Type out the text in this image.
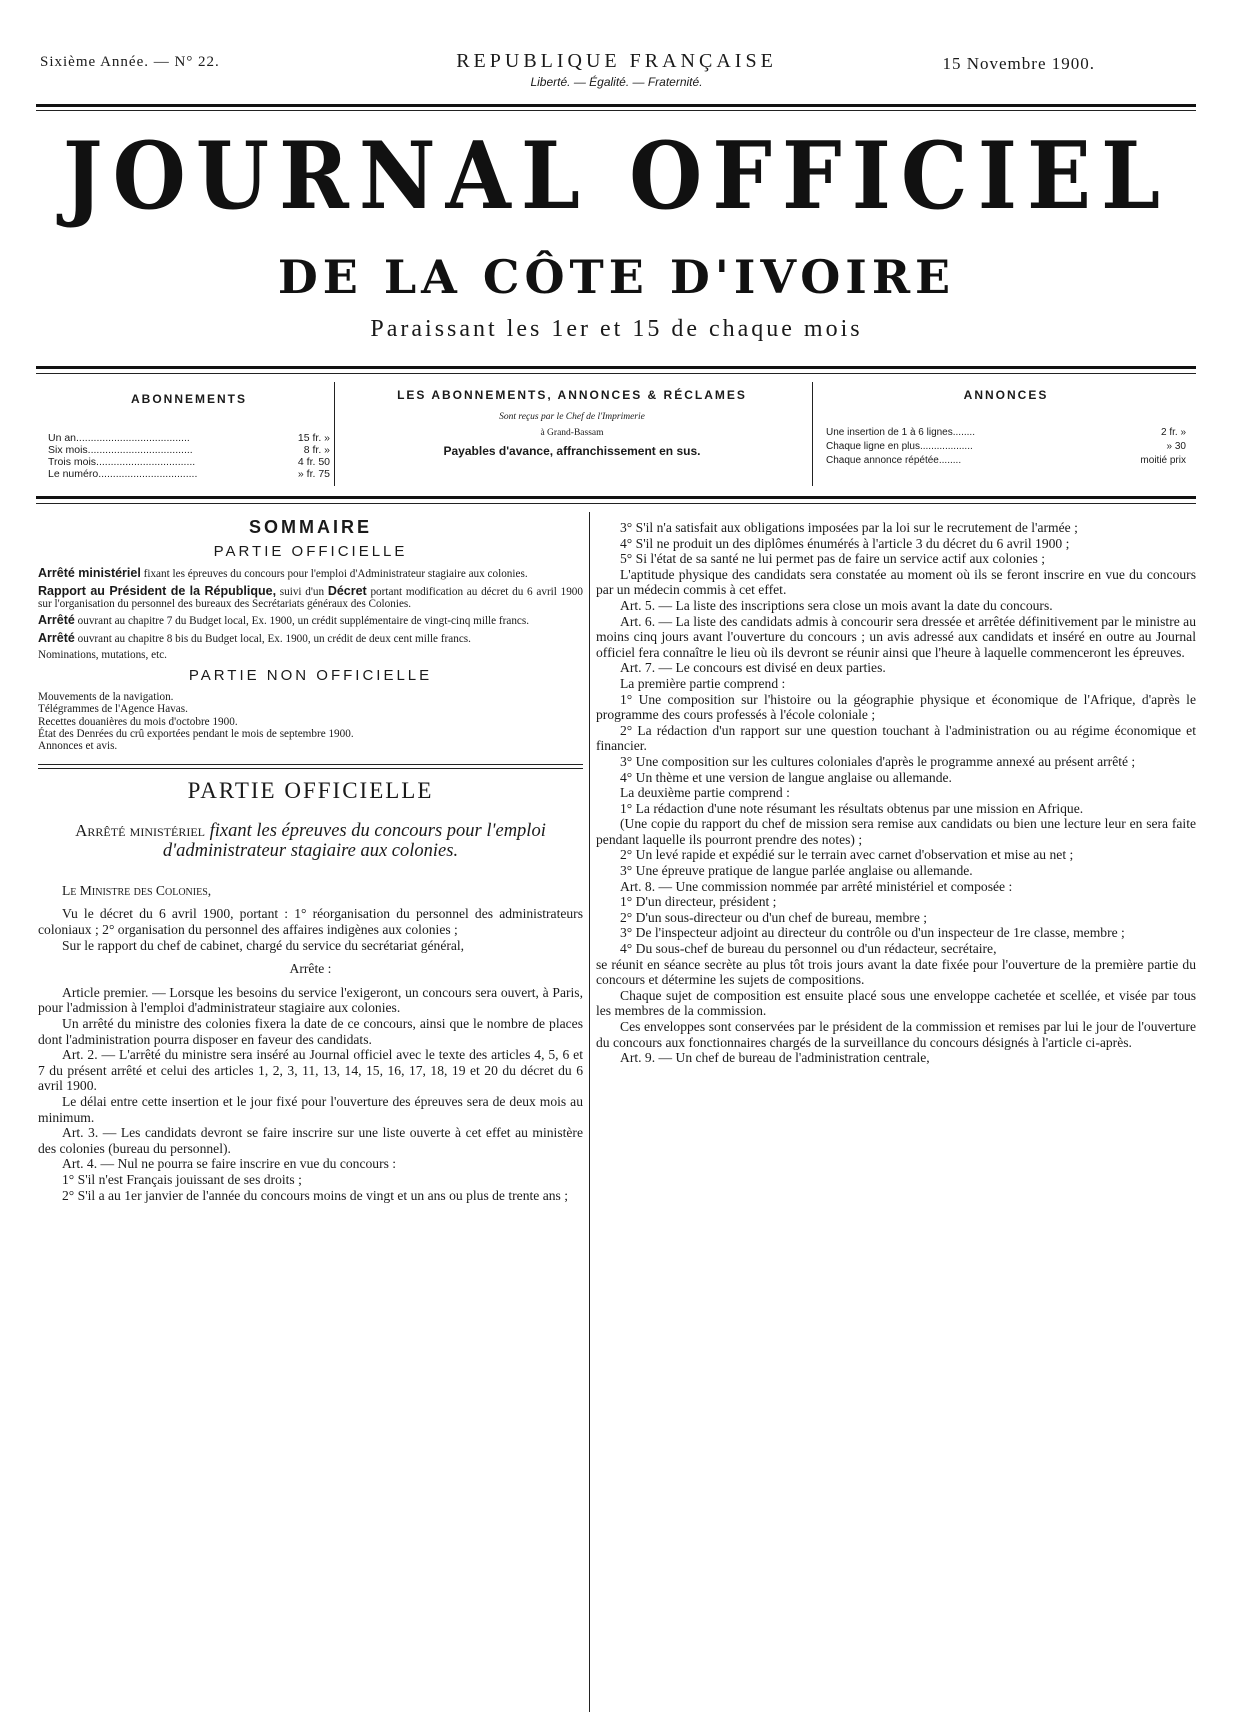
Sixième Année. — N° 22.	REPUBLIQUE FRANÇAISE
Liberté. — Égalité. — Fraternité.
15 Novembre 1900.
JOURNAL OFFICIEL
DE LA CÔTE D'IVOIRE
Paraissant les 1er et 15 de chaque mois
ABONNEMENTS
Un an.......................................	15 fr. »
Six mois....................................	8 fr. »
Trois mois..................................	4 fr. 50
Le numéro..................................	» fr. 75
LES ABONNEMENTS, ANNONCES & RÉCLAMES
Sont reçus par le Chef de l'Imprimerie
à Grand-Bassam
Payables d'avance, affranchissement en sus.
ANNONCES
Une insertion de 1 à 6 lignes........	2 fr. »
Chaque ligne en plus...................	» 30
Chaque annonce répétée........	moitié prix
SOMMAIRE
PARTIE OFFICIELLE
Arrêté ministériel fixant les épreuves du concours pour l'emploi d'Administrateur stagiaire aux colonies.
Rapport au Président de la République, suivi d'un Décret portant modification au décret du 6 avril 1900 sur l'organisation du personnel des bureaux des Secrétariats généraux des Colonies.
Arrêté ouvrant au chapitre 7 du Budget local, Ex. 1900, un crédit supplémentaire de vingt-cinq mille francs.
Arrêté ouvrant au chapitre 8 bis du Budget local, Ex. 1900, un crédit de deux cent mille francs.
Nominations, mutations, etc.
PARTIE NON OFFICIELLE
Mouvements de la navigation.
Télégrammes de l'Agence Havas.
Recettes douanières du mois d'octobre 1900.
État des Denrées du crû exportées pendant le mois de septembre 1900.
Annonces et avis.
PARTIE OFFICIELLE
Arrêté ministériel fixant les épreuves du concours pour l'emploi d'administrateur stagiaire aux colonies.

Le Ministre des Colonies,

Vu le décret du 6 avril 1900, portant : 1° réorganisation du personnel des administrateurs coloniaux ; 2° organisation du personnel des affaires indigènes aux colonies ;

Sur le rapport du chef de cabinet, chargé du service du secrétariat général,

Arrête :

Article premier. — Lorsque les besoins du service l'exigeront, un concours sera ouvert, à Paris, pour l'admission à l'emploi d'administrateur stagiaire aux colonies.

Un arrêté du ministre des colonies fixera la date de ce concours, ainsi que le nombre de places dont l'administration pourra disposer en faveur des candidats.

Art. 2. — L'arrêté du ministre sera inséré au Journal officiel avec le texte des articles 4, 5, 6 et 7 du présent arrêté et celui des articles 1, 2, 3, 11, 13, 14, 15, 16, 17, 18, 19 et 20 du décret du 6 avril 1900.

Le délai entre cette insertion et le jour fixé pour l'ouverture des épreuves sera de deux mois au minimum.

Art. 3. — Les candidats devront se faire inscrire sur une liste ouverte à cet effet au ministère des colonies (bureau du personnel).

Art. 4. — Nul ne pourra se faire inscrire en vue du concours :

1° S'il n'est Français jouissant de ses droits ;

2° S'il a au 1er janvier de l'année du concours moins de vingt et un ans ou plus de trente ans ;

3° S'il n'a satisfait aux obligations imposées par la loi sur le recrutement de l'armée ;

4° S'il ne produit un des diplômes énumérés à l'article 3 du décret du 6 avril 1900 ;

5° Si l'état de sa santé ne lui permet pas de faire un service actif aux colonies ;

L'aptitude physique des candidats sera constatée au moment où ils se feront inscrire en vue du concours par un médecin commis à cet effet.

Art. 5. — La liste des inscriptions sera close un mois avant la date du concours.

Art. 6. — La liste des candidats admis à concourir sera dressée et arrêtée définitivement par le ministre au moins cinq jours avant l'ouverture du concours ; un avis adressé aux candidats et inséré en outre au Journal officiel fera connaître le lieu où ils devront se réunir ainsi que l'heure à laquelle commenceront les épreuves.

Art. 7. — Le concours est divisé en deux parties.

La première partie comprend :

1° Une composition sur l'histoire ou la géographie physique et économique de l'Afrique, d'après le programme des cours professés à l'école coloniale ;

2° La rédaction d'un rapport sur une question touchant à l'administration ou au régime économique et financier.

3° Une composition sur les cultures coloniales d'après le programme annexé au présent arrêté ;

4° Un thème et une version de langue anglaise ou allemande.

La deuxième partie comprend :

1° La rédaction d'une note résumant les résultats obtenus par une mission en Afrique.

(Une copie du rapport du chef de mission sera remise aux candidats ou bien une lecture leur en sera faite pendant laquelle ils pourront prendre des notes) ;

2° Un levé rapide et expédié sur le terrain avec carnet d'observation et mise au net ;

3° Une épreuve pratique de langue parlée anglaise ou allemande.

Art. 8. — Une commission nommée par arrêté ministériel et composée :

1° D'un directeur, président ;

2° D'un sous-directeur ou d'un chef de bureau, membre ;

3° De l'inspecteur adjoint au directeur du contrôle ou d'un inspecteur de 1re classe, membre ;

4° Du sous-chef de bureau du personnel ou d'un rédacteur, secrétaire,

se réunit en séance secrète au plus tôt trois jours avant la date fixée pour l'ouverture de la première partie du concours et détermine les sujets de compositions.

Chaque sujet de composition est ensuite placé sous une enveloppe cachetée et scellée, et visée par tous les membres de la commission.

Ces enveloppes sont conservées par le président de la commission et remises par lui le jour de l'ouverture du concours aux fonctionnaires chargés de la surveillance du concours désignés à l'article ci-après.

Art. 9. — Un chef de bureau de l'administration centrale,
